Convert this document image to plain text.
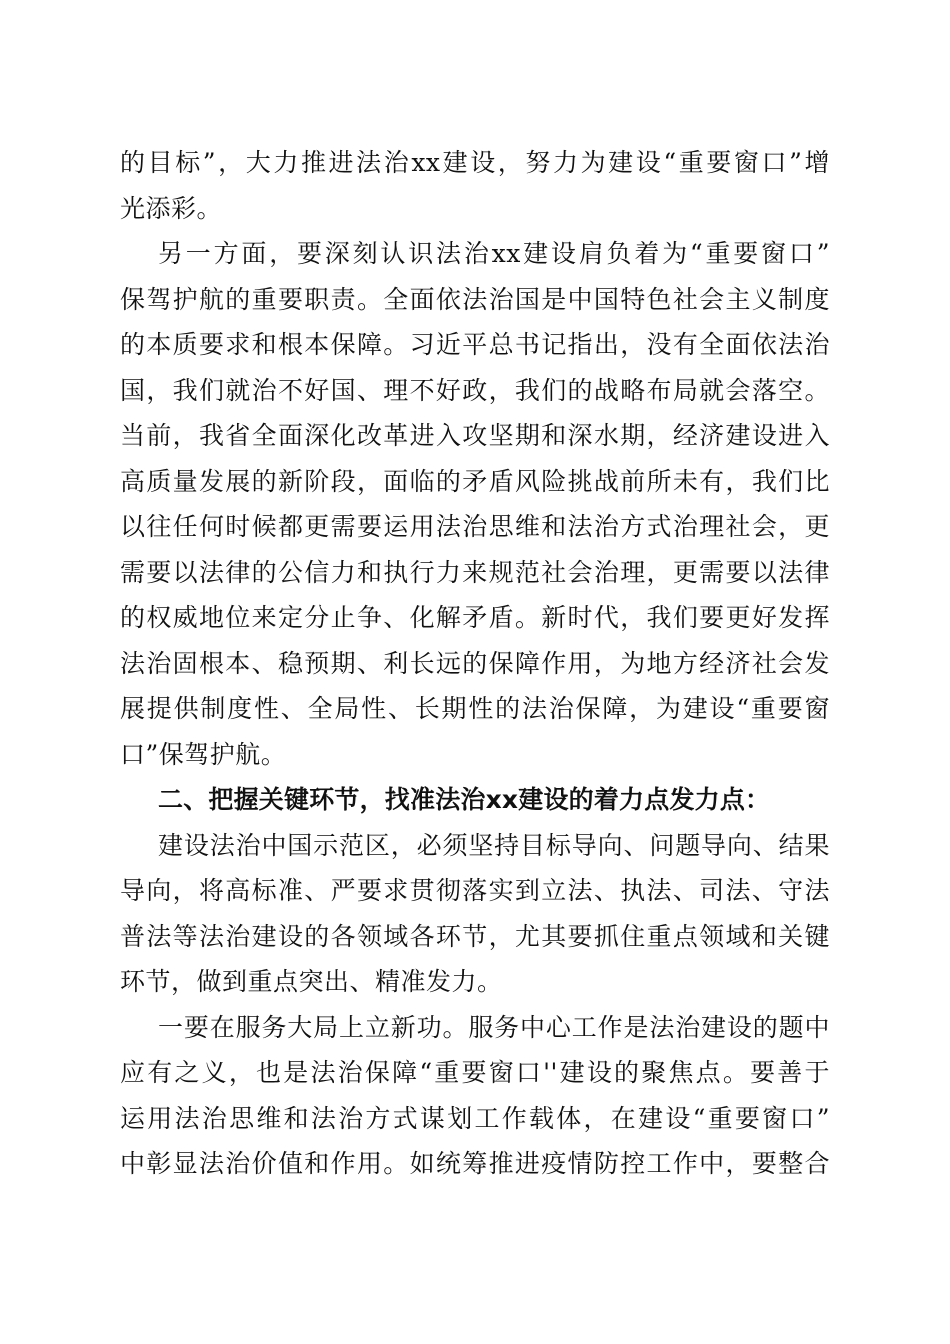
的目标”，大力推进法治xx建设，努力为建设“重要窗口”增
光添彩。
另一方面，要深刻认识法治xx建设肩负着为“重要窗口”
保驾护航的重要职责。全面依法治国是中国特色社会主义制度
的本质要求和根本保障。习近平总书记指出，没有全面依法治
国，我们就治不好国、理不好政，我们的战略布局就会落空。
当前，我省全面深化改革进入攻坚期和深水期，经济建设进入
高质量发展的新阶段，面临的矛盾风险挑战前所未有，我们比
以往任何时候都更需要运用法治思维和法治方式治理社会，更
需要以法律的公信力和执行力来规范社会治理，更需要以法律
的权威地位来定分止争、化解矛盾。新时代，我们要更好发挥
法治固根本、稳预期、利长远的保障作用，为地方经济社会发
展提供制度性、全局性、长期性的法治保障，为建设“重要窗
口”保驾护航。
二、把握关键环节，找准法治xx建设的着力点发力点：
建设法治中国示范区，必须坚持目标导向、问题导向、结果
导向，将高标准、严要求贯彻落实到立法、执法、司法、守法
普法等法治建设的各领域各环节，尤其要抓住重点领域和关键
环节，做到重点突出、精准发力。
一要在服务大局上立新功。服务中心工作是法治建设的题中
应有之义，也是法治保障“重要窗口''建设的聚焦点。要善于
运用法治思维和法治方式谋划工作载体，在建设“重要窗口”
中彰显法治价值和作用。如统筹推进疫情防控工作中，要整合
